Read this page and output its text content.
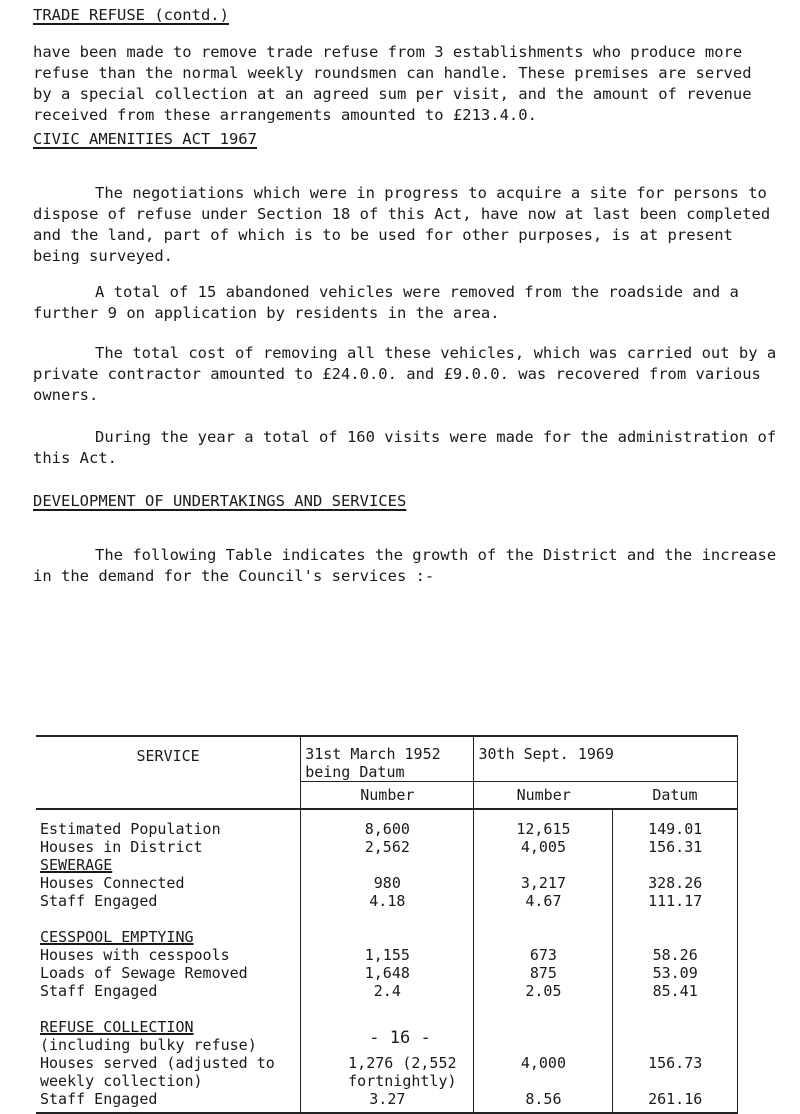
TRADE REFUSE (contd.)
have been made to remove trade refuse from 3 establishments who produce more refuse than the normal weekly roundsmen can handle. These premises are served by a special collection at an agreed sum per visit, and the amount of revenue received from these arrangements amounted to £213.4.0.
CIVIC AMENITIES ACT 1967
The negotiations which were in progress to acquire a site for persons to dispose of refuse under Section 18 of this Act, have now at last been completed and the land, part of which is to be used for other purposes, is at present being surveyed.
A total of 15 abandoned vehicles were removed from the roadside and a further 9 on application by residents in the area.
The total cost of removing all these vehicles, which was carried out by a private contractor amounted to £24.0.0. and £9.0.0. was recovered from various owners.
During the year a total of 160 visits were made for the administration of this Act.
DEVELOPMENT OF UNDERTAKINGS AND SERVICES
The following Table indicates the growth of the District and the increase in the demand for the Council's services :-
SERVICE	31st March 1952 being Datum	30th Sept. 1969	
	Number	Number	Datum
Estimated Population	8,600	12,615	149.01
Houses in District	2,562	4,005	156.31
SEWERAGE			
Houses Connected	980	3,217	328.26
Staff Engaged	4.18	4.67	111.17
CESSPOOL EMPTYING			
Houses with cesspools	1,155	673	58.26
Loads of Sewage Removed	1,648	875	53.09
Staff Engaged	2.4	2.05	85.41

REFUSE COLLECTION
(including bulky refuse)			

Houses served (adjusted to weekly collection)	1,276 (2,552 fortnightly)	4,000	156.73
Staff Engaged	3.27	8.56	261.16
- 16 -
